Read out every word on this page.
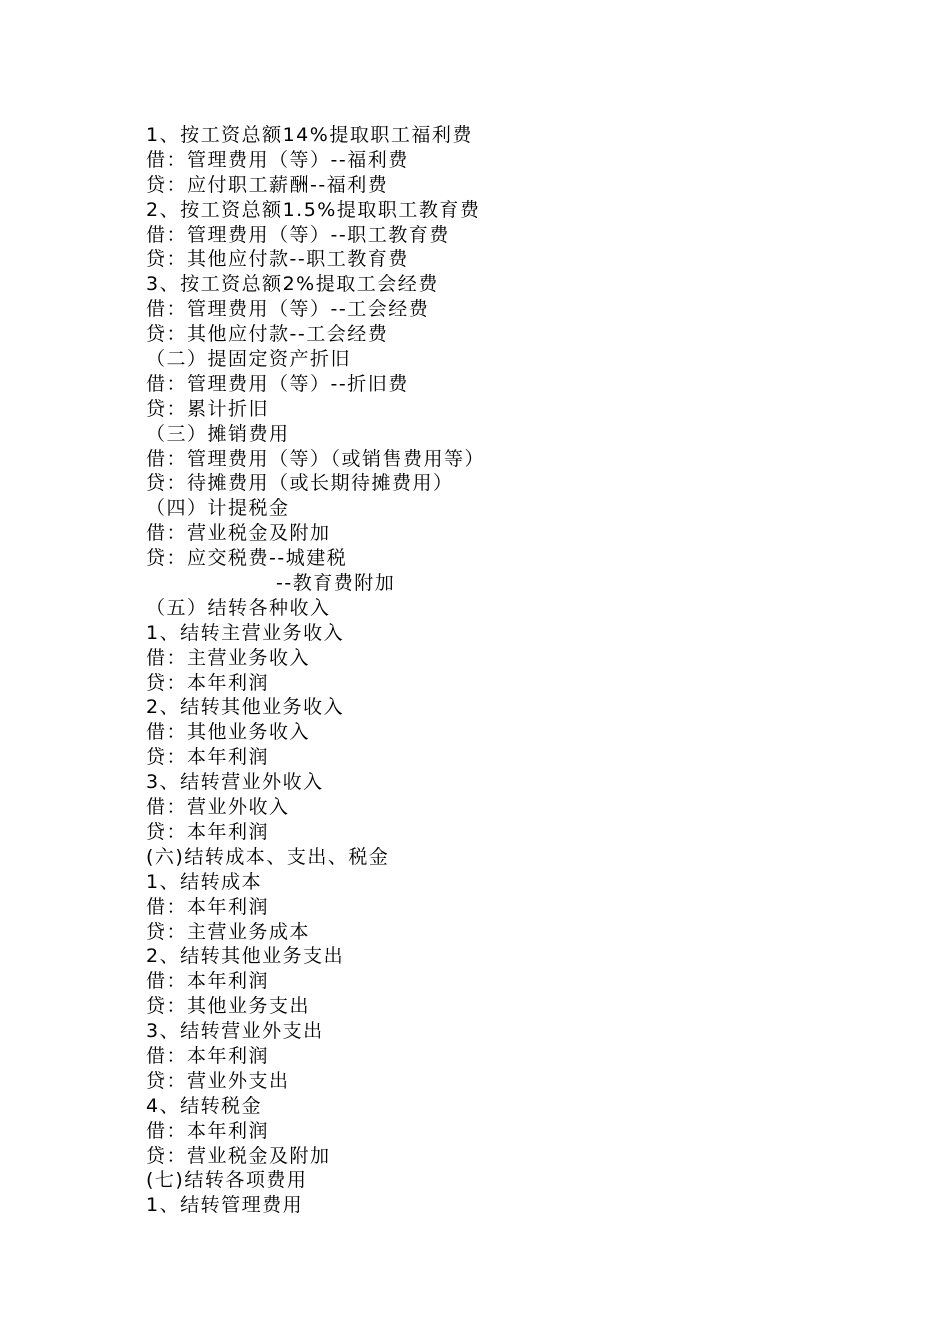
1、按工资总额14%提取职工福利费
借：管理费用（等）--福利费
贷：应付职工薪酬--福利费
2、按工资总额1.5%提取职工教育费
借：管理费用（等）--职工教育费
贷：其他应付款--职工教育费
3、按工资总额2%提取工会经费
借：管理费用（等）--工会经费
贷：其他应付款--工会经费
（二）提固定资产折旧
借：管理费用（等）--折旧费
贷：累计折旧
（三）摊销费用
借：管理费用（等）（或销售费用等）
贷：待摊费用（或长期待摊费用）
（四）计提税金
借：营业税金及附加
贷：应交税费--城建税
--教育费附加
（五）结转各种收入
1、结转主营业务收入
借：主营业务收入
贷：本年利润
2、结转其他业务收入
借：其他业务收入
贷：本年利润
3、结转营业外收入
借：营业外收入
贷：本年利润
(六)结转成本、支出、税金
1、结转成本
借：本年利润
贷：主营业务成本
2、结转其他业务支出
借：本年利润
贷：其他业务支出
3、结转营业外支出
借：本年利润
贷：营业外支出
4、结转税金
借：本年利润
贷：营业税金及附加
(七)结转各项费用
1、结转管理费用
